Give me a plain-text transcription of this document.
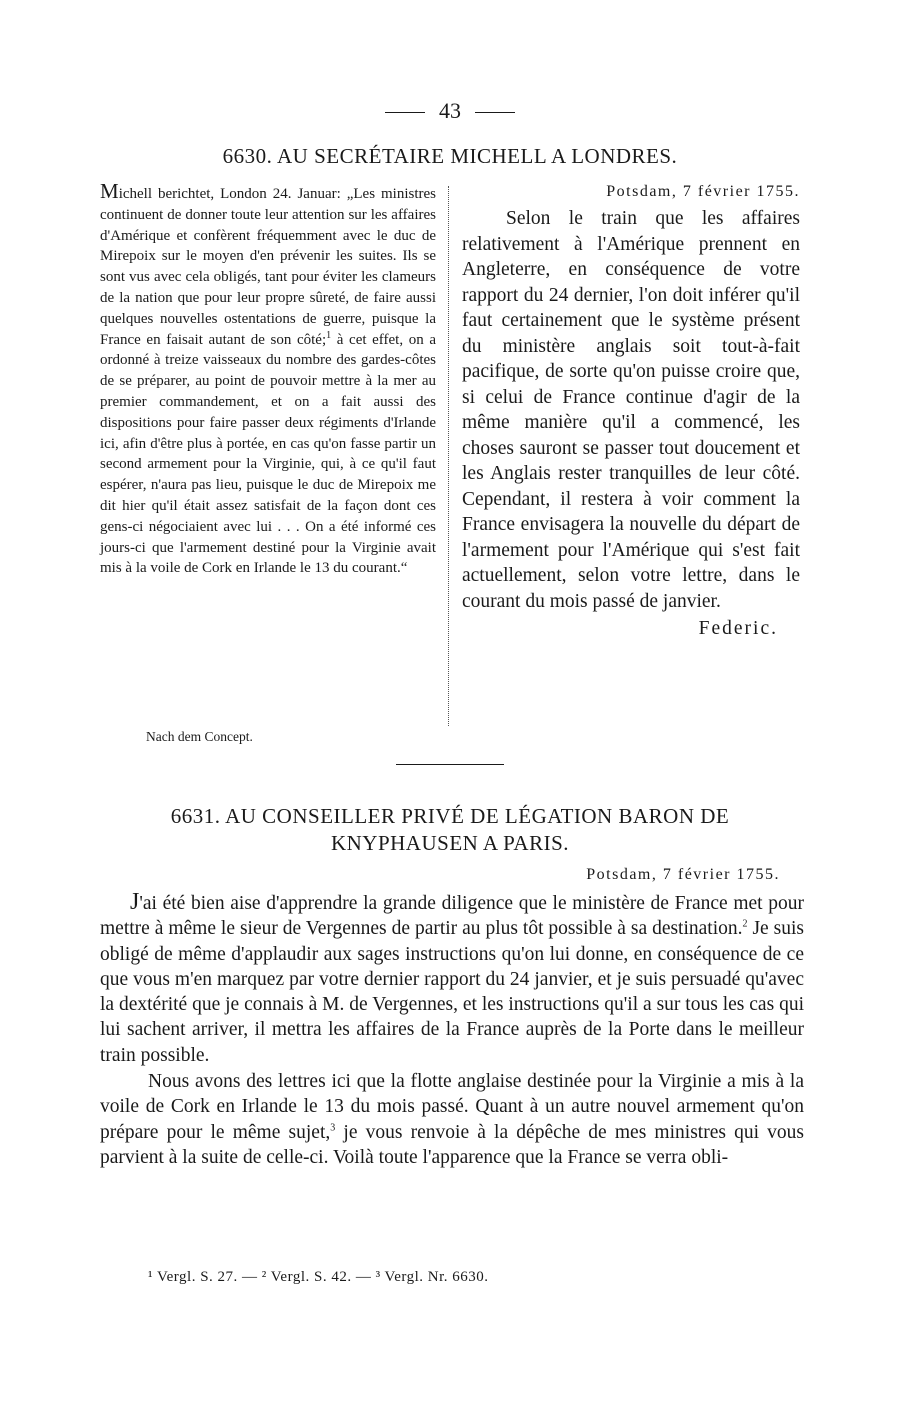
43
6630. AU SECRÉTAIRE MICHELL A LONDRES.

Michell berichtet, London 24. Januar: „Les ministres continuent de donner toute leur attention sur les affaires d'Amérique et confèrent fréquemment avec le duc de Mirepoix sur le moyen d'en prévenir les suites. Ils se sont vus avec cela obligés, tant pour éviter les clameurs de la nation que pour leur propre sûreté, de faire aussi quelques nouvelles ostentations de guerre, puisque la France en faisait autant de son côté;$^1$ à cet effet, on a ordonné à treize vaisseaux du nombre des gardes-côtes de se préparer, au point de pouvoir mettre à la mer au premier commandement, et on a fait aussi des dispositions pour faire passer deux régiments d'Irlande ici, afin d'être plus à portée, en cas qu'on fasse partir un second armement pour la Virginie, qui, à ce qu'il faut espérer, n'aura pas lieu, puisque le duc de Mirepoix me dit hier qu'il était assez satisfait de la façon dont ces gens-ci négociaient avec lui . . . On a été informé ces jours-ci que l'armement destiné pour la Virginie avait mis à la voile de Cork en Irlande le 13 du courant.“

Nach dem Concept.

Potsdam, 7 février 1755.

Selon le train que les affaires relativement à l'Amérique prennent en Angleterre, en conséquence de votre rapport du 24 dernier, l'on doit inférer qu'il faut certainement que le système présent du ministère anglais soit tout-à-fait pacifique, de sorte qu'on puisse croire que, si celui de France continue d'agir de la même manière qu'il a commencé, les choses sauront se passer tout doucement et les Anglais rester tranquilles de leur côté. Cependant, il restera à voir comment la France envisagera la nouvelle du départ de l'armement pour l'Amérique qui s'est fait actuellement, selon votre lettre, dans le courant du mois passé de janvier.

Federic.

6631. AU CONSEILLER PRIVÉ DE LÉGATION BARON DE
KNYPHAUSEN A PARIS.
Potsdam, 7 février 1755.

J'ai été bien aise d'apprendre la grande diligence que le ministère de France met pour mettre à même le sieur de Vergennes de partir au plus tôt possible à sa destination.$^2$ Je suis obligé de même d'applaudir aux sages instructions qu'on lui donne, en conséquence de ce que vous m'en marquez par votre dernier rapport du 24 janvier, et je suis persuadé qu'avec la dextérité que je connais à M. de Vergennes, et les instructions qu'il a sur tous les cas qui lui sachent arriver, il mettra les affaires de la France auprès de la Porte dans le meilleur train possible.

Nous avons des lettres ici que la flotte anglaise destinée pour la Virginie a mis à la voile de Cork en Irlande le 13 du mois passé. Quant à un autre nouvel armement qu'on prépare pour le même sujet,$^3$ je vous renvoie à la dépêche de mes ministres qui vous parvient à la suite de celle-ci. Voilà toute l'apparence que la France se verra obli-

¹ Vergl. S. 27. — ² Vergl. S. 42. — ³ Vergl. Nr. 6630.
